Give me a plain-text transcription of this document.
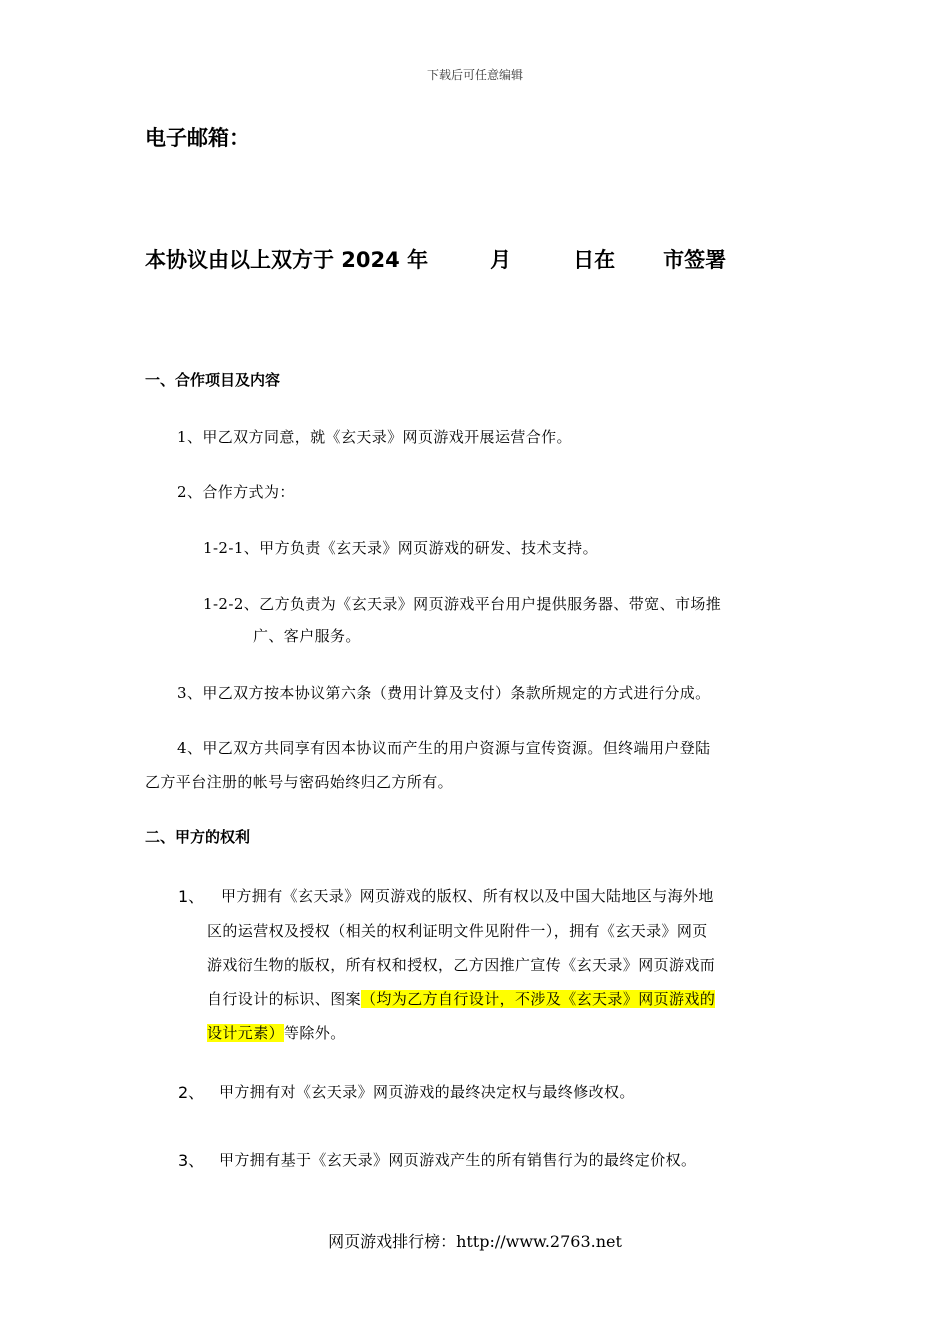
下载后可任意编辑
电子邮箱：
本协议由以上双方于 2024 年	月	日在 市签署
一、合作项目及内容
1、甲乙双方同意，就《玄天录》网页游戏开展运营合作。
2、合作方式为：
1-2-1、甲方负责《玄天录》网页游戏的研发、技术支持。
1-2-2、乙方负责为《玄天录》网页游戏平台用户提供服务器、带宽、市场推
广、客户服务。
3、甲乙双方按本协议第六条（费用计算及支付）条款所规定的方式进行分成。
4、甲乙双方共同享有因本协议而产生的用户资源与宣传资源。但终端用户登陆
乙方平台注册的帐号与密码始终归乙方所有。
二、甲方的权利
1、 甲方拥有《玄天录》网页游戏的版权、所有权以及中国大陆地区与海外地
区的运营权及授权（相关的权利证明文件见附件一），拥有《玄天录》网页
游戏衍生物的版权，所有权和授权，乙方因推广宣传《玄天录》网页游戏而
自行设计的标识、图案（均为乙方自行设计，不涉及《玄天录》网页游戏的
设计元素）等除外。
2、 甲方拥有对《玄天录》网页游戏的最终决定权与最终修改权。
3、 甲方拥有基于《玄天录》网页游戏产生的所有销售行为的最终定价权。
网页游戏排行榜：http://www.2763.net
